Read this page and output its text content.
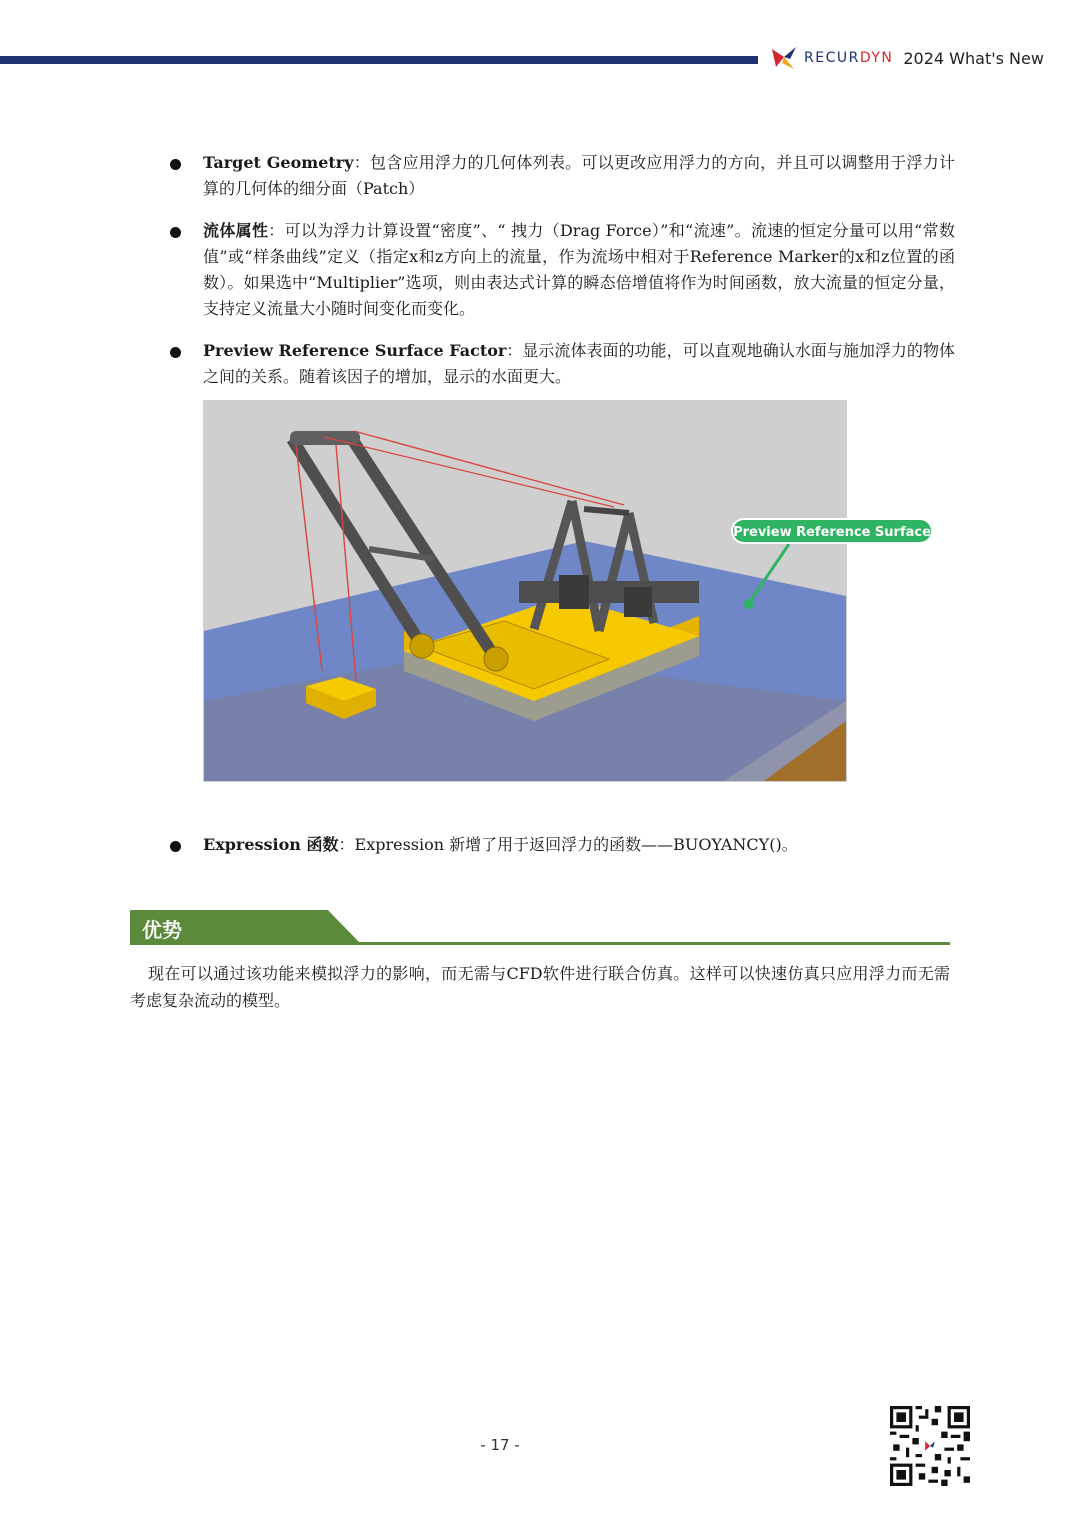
RECURDYN 2024 What's New
Target Geometry：包含应用浮力的几何体列表。可以更改应用浮力的方向，并且可以调整用于浮力计算的几何体的细分面（Patch）
流体属性：可以为浮力计算设置“密度”、“ 拽力（Drag Force）”和“流速”。流速的恒定分量可以用“常数值”或“样条曲线”定义（指定x和z方向上的流量，作为流场中相对于Reference Marker的x和z位置的函数）。如果选中“Multiplier”选项，则由表达式计算的瞬态倍增值将作为时间函数，放大流量的恒定分量，支持定义流量大小随时间变化而变化。
Preview Reference Surface Factor：显示流体表面的功能，可以直观地确认水面与施加浮力的物体之间的关系。随着该因子的增加，显示的水面更大。
Preview Reference Surface
Expression 函数：Expression 新增了用于返回浮力的函数——BUOYANCY()。
优势
现在可以通过该功能来模拟浮力的影响，而无需与CFD软件进行联合仿真。这样可以快速仿真只应用浮力而无需考虑复杂流动的模型。
- 17 -
